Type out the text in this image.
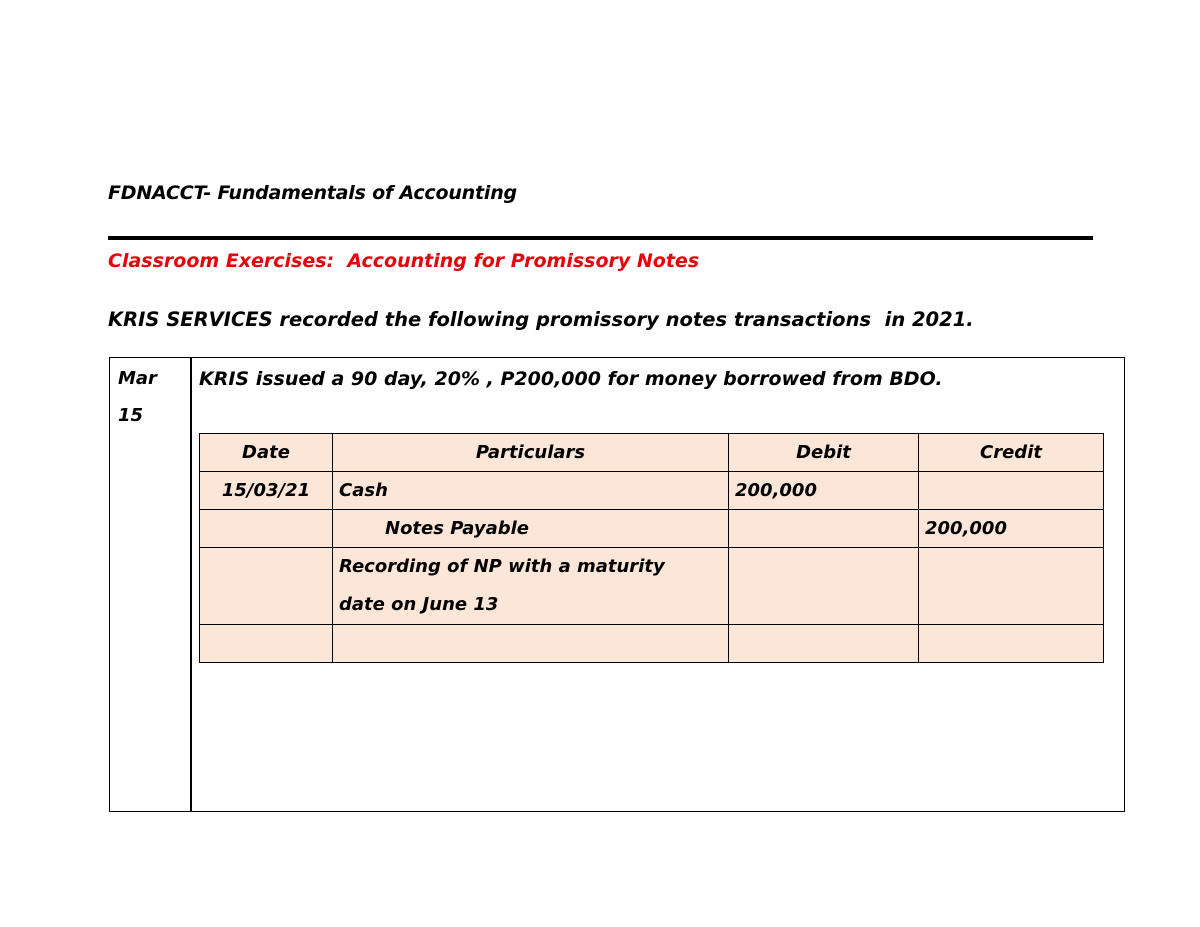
FDNACCT- Fundamentals of Accounting
Classroom Exercises:  Accounting for Promissory Notes
KRIS SERVICES recorded the following promissory notes transactions  in 2021.
Mar
15
KRIS issued a 90 day, 20% , P200,000 for money borrowed from BDO.
Date	Particulars	Debit	Credit
15/03/21	Cash	200,000	
	Notes Payable		200,000

	Recording of NP with a maturity
date on June 13		
